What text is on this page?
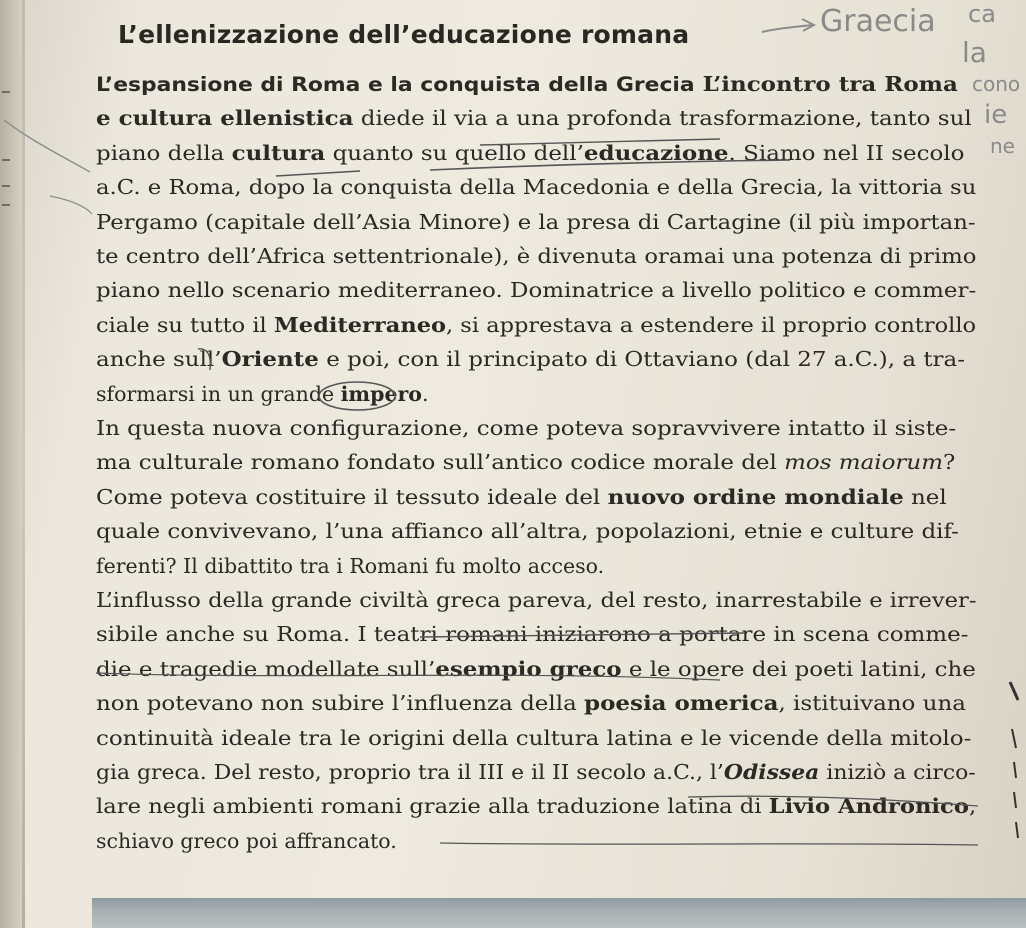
L’ellenizzazione dell’educazione romana
L’espansione di Roma e la conquista della Grecia L’incontro tra Roma
e cultura ellenistica diede il via a una profonda trasformazione, tanto sul
piano della cultura quanto su quello dell’educazione. Siamo nel II secolo
a.C. e Roma, dopo la conquista della Macedonia e della Grecia, la vittoria su
Pergamo (capitale dell’Asia Minore) e la presa di Cartagine (il più importan-
te centro dell’Africa settentrionale), è divenuta oramai una potenza di primo
piano nello scenario mediterraneo. Dominatrice a livello politico e commer-
ciale su tutto il Mediterraneo, si apprestava a estendere il proprio controllo
anche sull’Oriente e poi, con il principato di Ottaviano (dal 27 a.C.), a tra-
sformarsi in un grande impero.
In questa nuova configurazione, come poteva sopravvivere intatto il siste-
ma culturale romano fondato sull’antico codice morale del mos maiorum?
Come poteva costituire il tessuto ideale del nuovo ordine mondiale nel
quale convivevano, l’una affianco all’altra, popolazioni, etnie e culture dif-
ferenti? Il dibattito tra i Romani fu molto acceso.
L’influsso della grande civiltà greca pareva, del resto, inarrestabile e irrever-
sibile anche su Roma. I teatri romani iniziarono a portare in scena comme-
die e tragedie modellate sull’esempio greco e le opere dei poeti latini, che
non potevano non subire l’influenza della poesia omerica, istituivano una
continuità ideale tra le origini della cultura latina e le vicende della mitolo-
gia greca. Del resto, proprio tra il III e il II secolo a.C., l’Odissea iniziò a circo-
lare negli ambienti romani grazie alla traduzione latina di Livio Andronico,
schiavo greco poi affrancato.
Graecia ca
la
cono
ie
ne
